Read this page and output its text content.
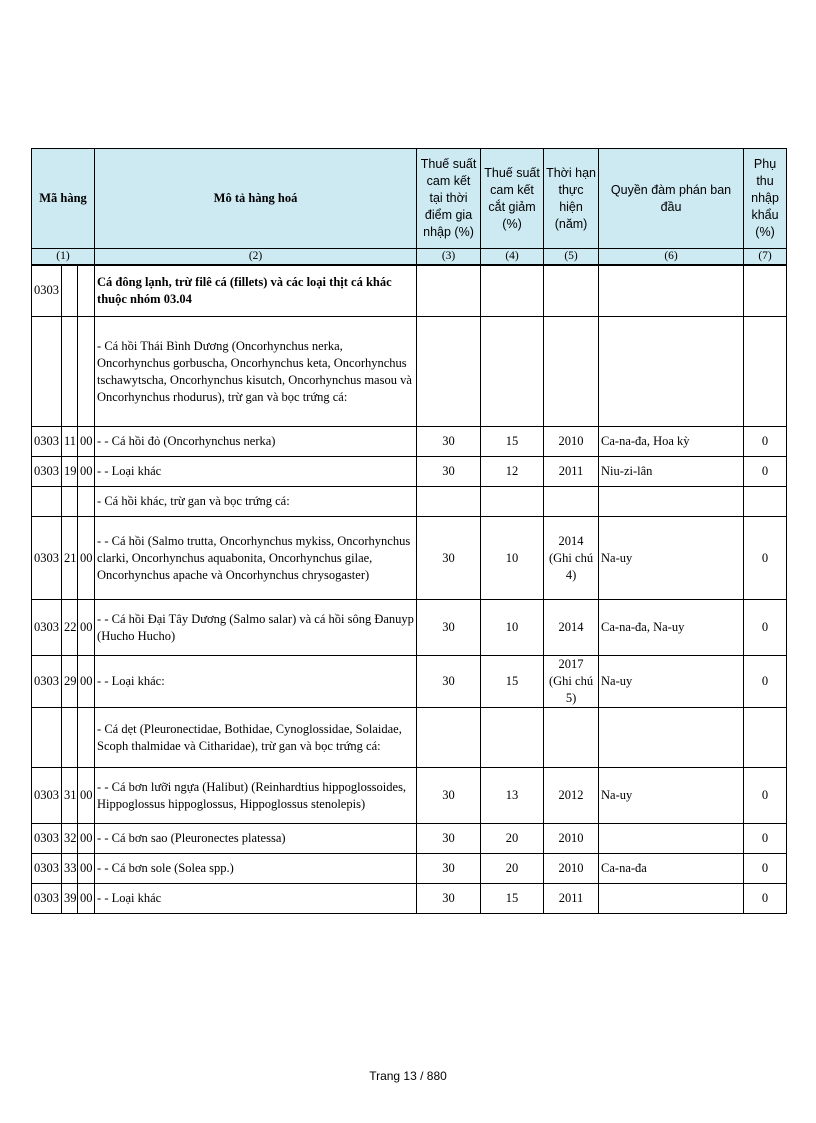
Mã hàng			Mô tả hàng hoá	Thuế suất cam kết tại thời điểm gia nhập (%)	Thuế suất cam kết cắt giảm (%)	Thời hạn thực hiện (năm)	Quyền đàm phán ban đầu	Phụ thu nhập khẩu (%)
(1)			(2)	(3)	(4)	(5)	(6)	(7)
0303			Cá đông lạnh, trừ filê cá (fillets) và các loại thịt cá khác thuộc nhóm 03.04					
			- Cá hồi Thái Bình Dương (Oncorhynchus nerka, Oncorhynchus gorbuscha, Oncorhynchus keta, Oncorhynchus tschawytscha, Oncorhynchus kisutch, Oncorhynchus masou và Oncorhynchus rhodurus), trừ gan và bọc trứng cá:					
0303	11	00	- - Cá hồi đỏ (Oncorhynchus nerka)	30	15	2010	Ca-na-đa, Hoa kỳ	0
0303	19	00	- - Loại khác	30	12	2011	Niu-zi-lân	0
			- Cá hồi khác, trừ gan và bọc trứng cá:					
0303	21	00	- - Cá hồi (Salmo trutta, Oncorhynchus mykiss, Oncorhynchus clarki, Oncorhynchus aquabonita, Oncorhynchus gilae, Oncorhynchus apache và Oncorhynchus chrysogaster)	30	10	2014 (Ghi chú 4)	Na-uy	0
0303	22	00	- - Cá hồi Đại Tây Dương (Salmo salar) và cá hồi sông Đanuyp (Hucho Hucho)	30	10	2014	Ca-na-đa, Na-uy	0
0303	29	00	- - Loại khác:	30	15	2017 (Ghi chú 5)	Na-uy	0
			- Cá dẹt (Pleuronectidae, Bothidae, Cynoglossidae, Solaidae, Scoph thalmidae và Citharidae), trừ gan và bọc trứng cá:					
0303	31	00	- - Cá bơn lưỡi ngựa (Halibut) (Reinhardtius hippoglossoides, Hippoglossus hippoglossus, Hippoglossus stenolepis)	30	13	2012	Na-uy	0
0303	32	00	- - Cá bơn sao (Pleuronectes platessa)	30	20	2010		0
0303	33	00	- - Cá bơn sole (Solea spp.)	30	20	2010	Ca-na-đa	0
0303	39	00	- - Loại khác	30	15	2011		0
Trang 13 / 880
